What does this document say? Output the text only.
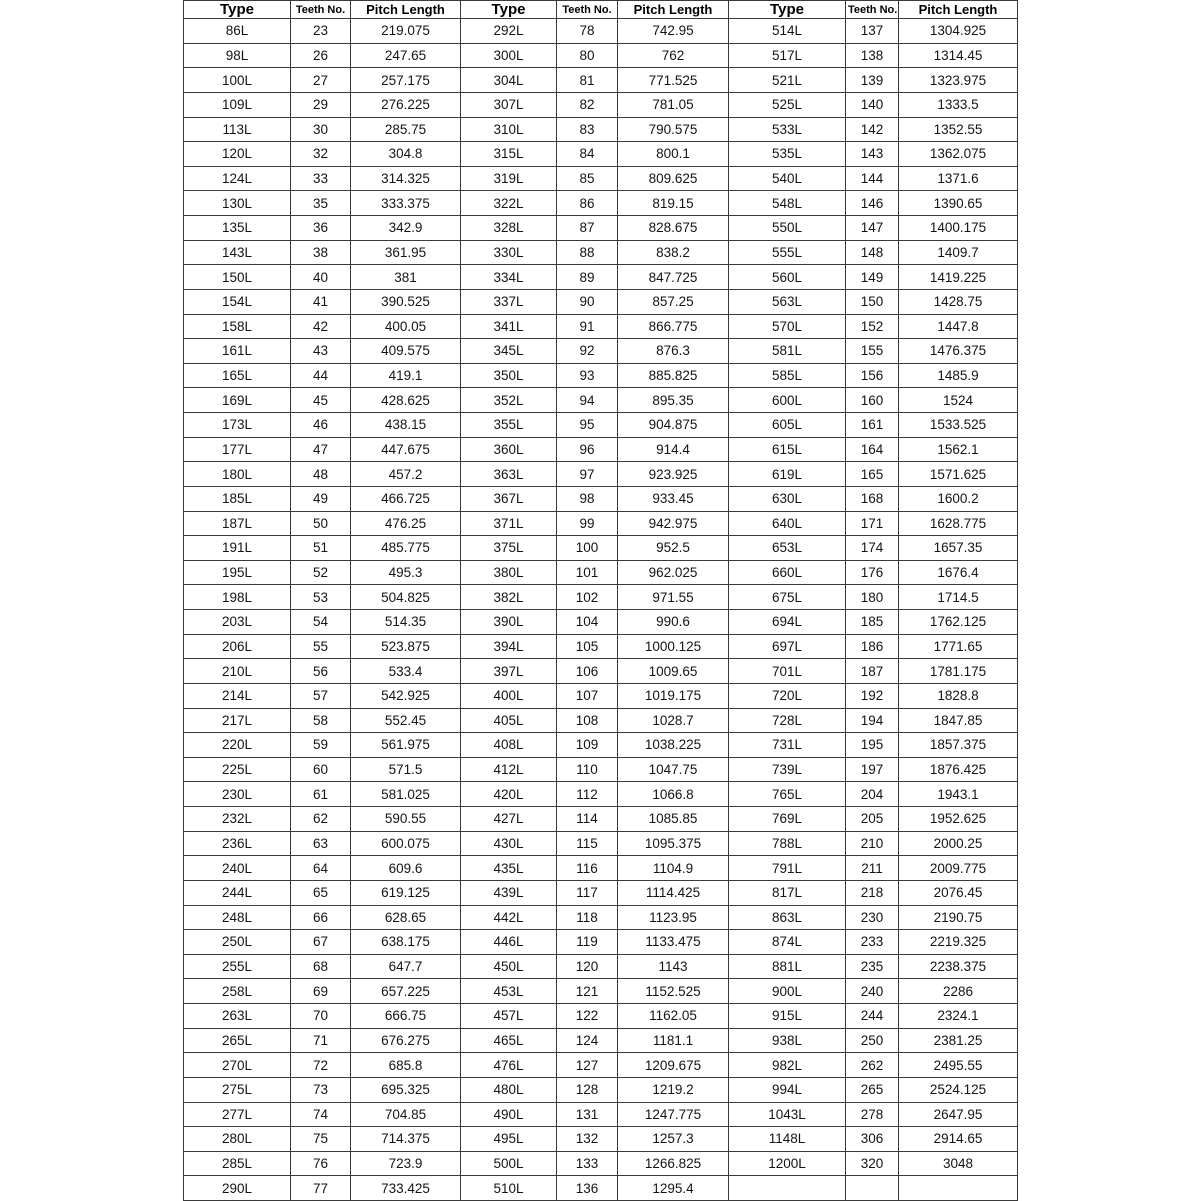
Type	Teeth No.	Pitch Length	Type	Teeth No.	Pitch Length	Type	Teeth No.	Pitch Length
86L	23	219.075	292L	78	742.95	514L	137	1304.925
98L	26	247.65	300L	80	762	517L	138	1314.45
100L	27	257.175	304L	81	771.525	521L	139	1323.975
109L	29	276.225	307L	82	781.05	525L	140	1333.5
113L	30	285.75	310L	83	790.575	533L	142	1352.55
120L	32	304.8	315L	84	800.1	535L	143	1362.075
124L	33	314.325	319L	85	809.625	540L	144	1371.6
130L	35	333.375	322L	86	819.15	548L	146	1390.65
135L	36	342.9	328L	87	828.675	550L	147	1400.175
143L	38	361.95	330L	88	838.2	555L	148	1409.7
150L	40	381	334L	89	847.725	560L	149	1419.225
154L	41	390.525	337L	90	857.25	563L	150	1428.75
158L	42	400.05	341L	91	866.775	570L	152	1447.8
161L	43	409.575	345L	92	876.3	581L	155	1476.375
165L	44	419.1	350L	93	885.825	585L	156	1485.9
169L	45	428.625	352L	94	895.35	600L	160	1524
173L	46	438.15	355L	95	904.875	605L	161	1533.525
177L	47	447.675	360L	96	914.4	615L	164	1562.1
180L	48	457.2	363L	97	923.925	619L	165	1571.625
185L	49	466.725	367L	98	933.45	630L	168	1600.2
187L	50	476.25	371L	99	942.975	640L	171	1628.775
191L	51	485.775	375L	100	952.5	653L	174	1657.35
195L	52	495.3	380L	101	962.025	660L	176	1676.4
198L	53	504.825	382L	102	971.55	675L	180	1714.5
203L	54	514.35	390L	104	990.6	694L	185	1762.125
206L	55	523.875	394L	105	1000.125	697L	186	1771.65
210L	56	533.4	397L	106	1009.65	701L	187	1781.175
214L	57	542.925	400L	107	1019.175	720L	192	1828.8
217L	58	552.45	405L	108	1028.7	728L	194	1847.85
220L	59	561.975	408L	109	1038.225	731L	195	1857.375
225L	60	571.5	412L	110	1047.75	739L	197	1876.425
230L	61	581.025	420L	112	1066.8	765L	204	1943.1
232L	62	590.55	427L	114	1085.85	769L	205	1952.625
236L	63	600.075	430L	115	1095.375	788L	210	2000.25
240L	64	609.6	435L	116	1104.9	791L	211	2009.775
244L	65	619.125	439L	117	1114.425	817L	218	2076.45
248L	66	628.65	442L	118	1123.95	863L	230	2190.75
250L	67	638.175	446L	119	1133.475	874L	233	2219.325
255L	68	647.7	450L	120	1143	881L	235	2238.375
258L	69	657.225	453L	121	1152.525	900L	240	2286
263L	70	666.75	457L	122	1162.05	915L	244	2324.1
265L	71	676.275	465L	124	1181.1	938L	250	2381.25
270L	72	685.8	476L	127	1209.675	982L	262	2495.55
275L	73	695.325	480L	128	1219.2	994L	265	2524.125
277L	74	704.85	490L	131	1247.775	1043L	278	2647.95
280L	75	714.375	495L	132	1257.3	1148L	306	2914.65
285L	76	723.9	500L	133	1266.825	1200L	320	3048
290L	77	733.425	510L	136	1295.4			
